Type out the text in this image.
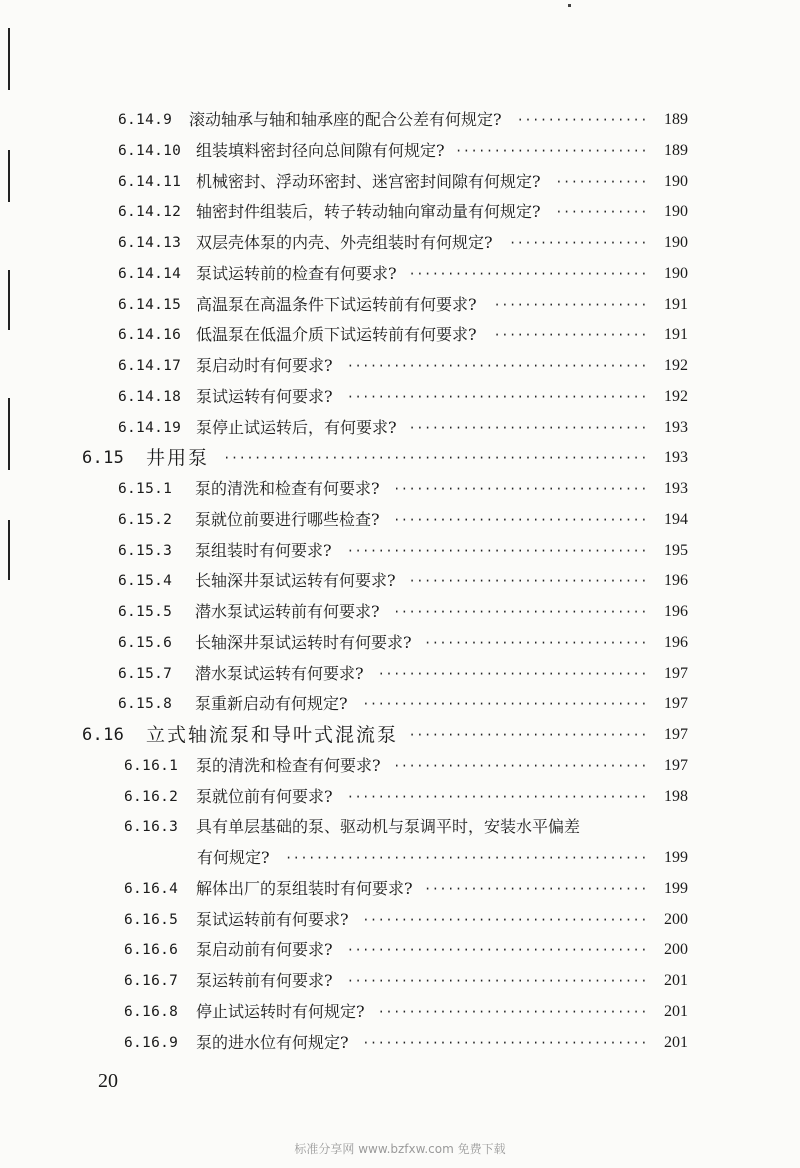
6.14.9 滚动轴承与轴和轴承座的配合公差有何规定?	·················	189
6.14.10 组装填料密封径向总间隙有何规定? ························· 189
6.14.11 机械密封、浮动环密封、迷宫密封间隙有何规定?	············	190
6.14.12 轴密封件组装后，转子转动轴向窜动量有何规定?	············	190
6.14.13 双层壳体泵的内壳、外壳组装时有何规定?	··················	190
6.14.14 泵试运转前的检查有何要求? ·······························	190
6.14.15 高温泵在高温条件下试运转前有何要求?	····················	191
6.14.16 低温泵在低温介质下试运转前有何要求?	····················	191
6.14.17 泵启动时有何要求?	·······································	192
6.14.18 泵试运转有何要求?	·······································	192
6.14.19 泵停止试运转后，有何要求? ·······························	193
6.15 井用泵	·······················································	193
6.15.1 泵的清洗和检查有何要求? ·································	193
6.15.2 泵就位前要进行哪些检查? ·································	194
6.15.3 泵组装时有何要求?	·······································	195
6.15.4 长轴深井泵试运转有何要求? ·······························	196
6.15.5 潜水泵试运转前有何要求? ·································	196
6.15.6 长轴深井泵试运转时有何要求? ·····························	196
6.15.7 潜水泵试运转有何要求?	···································	197
6.15.8 泵重新启动有何规定?	·····································	197
6.16 立式轴流泵和导叶式混流泵 ·······························	197
6.16.1 泵的清洗和检查有何要求? ·································	197
6.16.2 泵就位前有何要求?	·······································	198
6.16.3 具有单层基础的泵、驱动机与泵调平时，安装水平偏差
有何规定?	···············································	199
6.16.4 解体出厂的泵组装时有何要求? ·····························	199
6.16.5 泵试运转前有何要求? ·····································	200
6.16.6 泵启动前有何要求?	·······································	200
6.16.7 泵运转前有何要求?	·······································	201
6.16.8 停止试运转时有何规定? ···································	201
6.16.9 泵的进水位有何规定? ·····································	201
20
标准分享网 www.bzfxw.com 免费下载
